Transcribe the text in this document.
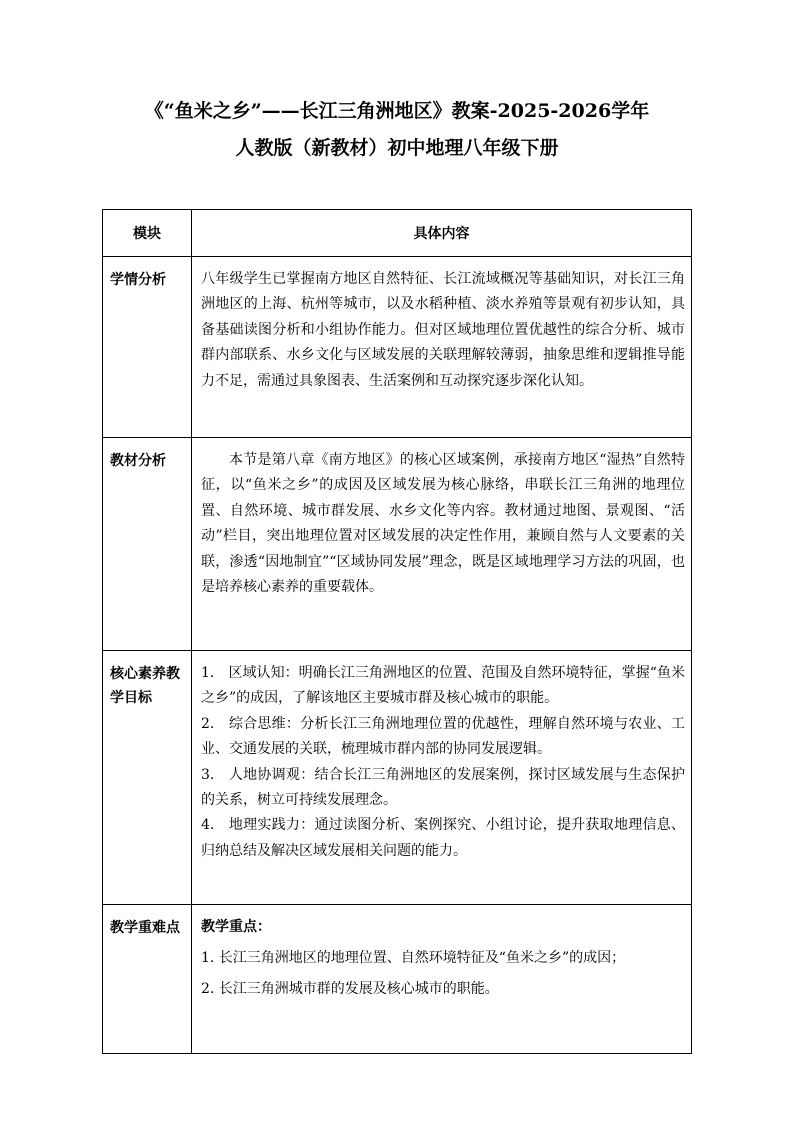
《“鱼米之乡”——长江三角洲地区》教案-2025-2026学年
人教版（新教材）初中地理八年级下册
模块	具体内容
学情分析	八年级学生已掌握南方地区自然特征、长江流域概况等基础知识，对长江三角洲地区的上海、杭州等城市，以及水稻种植、淡水养殖等景观有初步认知，具备基础读图分析和小组协作能力。但对区域地理位置优越性的综合分析、城市群内部联系、水乡文化与区域发展的关联理解较薄弱，抽象思维和逻辑推导能力不足，需通过具象图表、生活案例和互动探究逐步深化认知。

教材分析	本节是第八章《南方地区》的核心区域案例，承接南方地区“湿热”自然特征，以“鱼米之乡”的成因及区域发展为核心脉络，串联长江三角洲的地理位置、自然环境、城市群发展、水乡文化等内容。教材通过地图、景观图、“活动”栏目，突出地理位置对区域发展的决定性作用，兼顾自然与人文要素的关联，渗透“因地制宜”“区域协同发展”理念，既是区域地理学习方法的巩固，也是培养核心素养的重要载体。

核心素养教学目标	1.　区域认知：明确长江三角洲地区的位置、范围及自然环境特征，掌握“鱼米之乡”的成因，了解该地区主要城市群及核心城市的职能。

2.　综合思维：分析长江三角洲地理位置的优越性，理解自然环境与农业、工业、交通发展的关联，梳理城市群内部的协同发展逻辑。

3.　人地协调观：结合长江三角洲地区的发展案例，探讨区域发展与生态保护的关系，树立可持续发展理念。

4.　地理实践力：通过读图分析、案例探究、小组讨论，提升获取地理信息、归纳总结及解决区域发展相关问题的能力。

教学重难点	教学重点：

1. 长江三角洲地区的地理位置、自然环境特征及“鱼米之乡”的成因；

2. 长江三角洲城市群的发展及核心城市的职能。
